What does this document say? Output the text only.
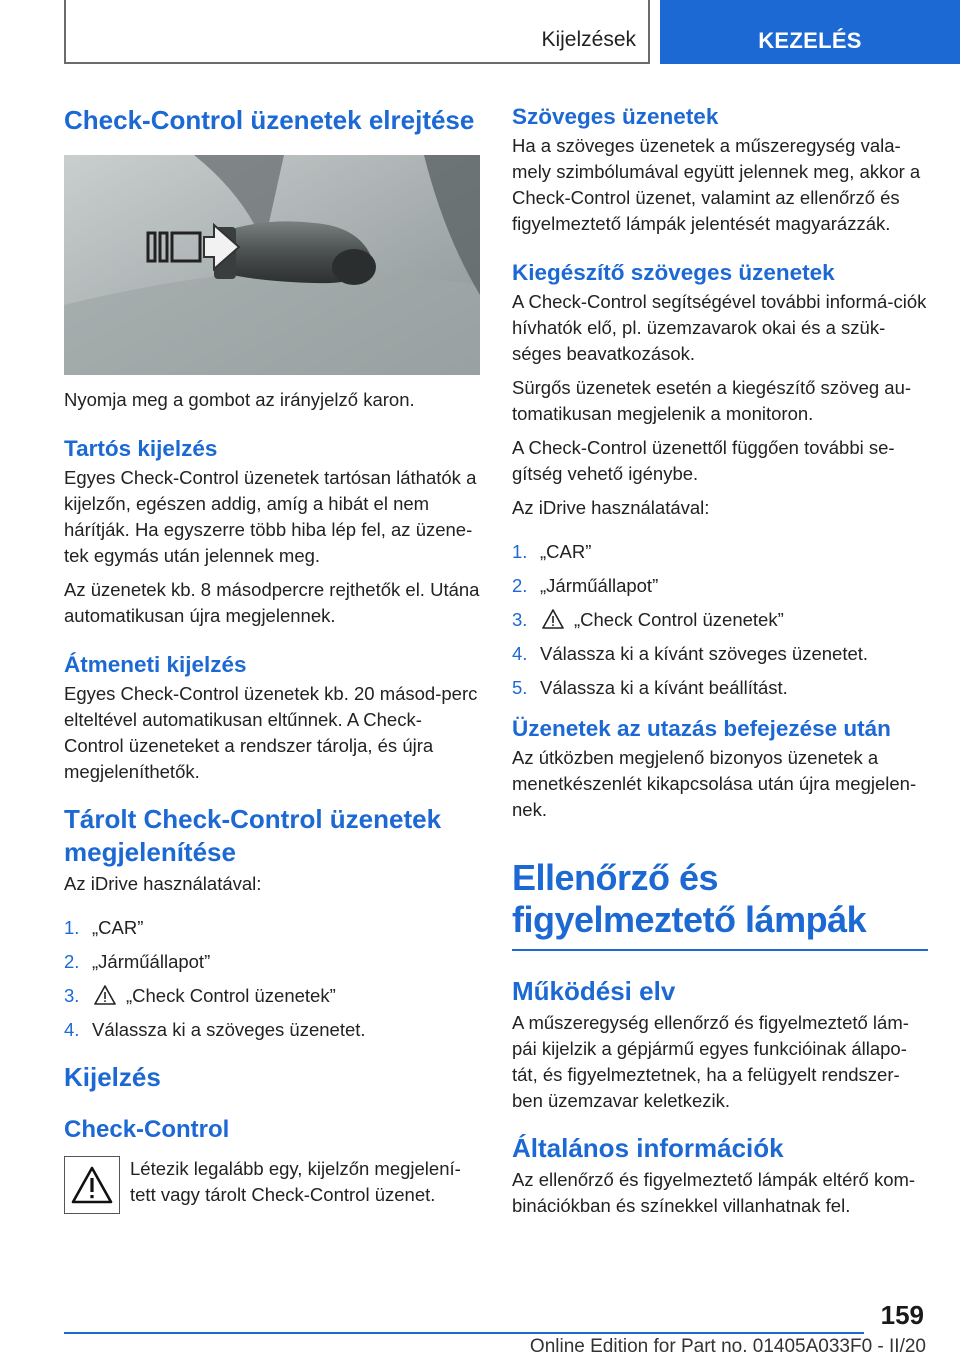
Kijelzések	KEZELÉS
Check-Control üzenetek elrejtése

Nyomja meg a gombot az irányjelző karon.

Tartós kijelzés

Egyes Check-Control üzenetek tartósan láthatók a kijelzőn, egészen addig, amíg a hibát el nem hárítják. Ha egyszerre több hiba lép fel, az üzene-tek egymás után jelennek meg.

Az üzenetek kb. 8 másodpercre rejthetők el. Utána automatikusan újra megjelennek.

Átmeneti kijelzés

Egyes Check-Control üzenetek kb. 20 másod-perc elteltével automatikusan eltűnnek. A Check-Control üzeneteket a rendszer tárolja, és újra megjeleníthetők.

Tárolt Check-Control üzenetek megjelenítése

Az iDrive használatával:

1. „CAR”
2. „Járműállapot”
3.	„Check Control üzenetek”
4. Válassza ki a szöveges üzenetet.
Kijelzés
Check-Control

Létezik legalább egy, kijelzőn megjelení-tett vagy tárolt Check-Control üzenet.

Szöveges üzenetek

Ha a szöveges üzenetek a műszeregység vala-mely szimbólumával együtt jelennek meg, akkor a Check-Control üzenet, valamint az ellenőrző és figyelmeztető lámpák jelentését magyarázzák.

Kiegészítő szöveges üzenetek

A Check-Control segítségével további informá-ciók hívhatók elő, pl. üzemzavarok okai és a szük-séges beavatkozások.

Sürgős üzenetek esetén a kiegészítő szöveg au-tomatikusan megjelenik a monitoron.

A Check-Control üzenettől függően további se-gítség vehető igénybe.

Az iDrive használatával:

1. „CAR”
2. „Járműállapot”
3.	„Check Control üzenetek”
4. Válassza ki a kívánt szöveges üzenetet.
5. Válassza ki a kívánt beállítást.
Üzenetek az utazás befejezése után

Az útközben megjelenő bizonyos üzenetek a menetkészenlét kikapcsolása után újra megjelen-nek.

Ellenőrző és figyelmeztető lámpák
Működési elv

A műszeregység ellenőrző és figyelmeztető lám-pái kijelzik a gépjármű egyes funkcióinak állapo-tát, és figyelmeztetnek, ha a felügyelt rendszer-ben üzemzavar keletkezik.

Általános információk

Az ellenőrző és figyelmeztető lámpák eltérő kom-binációkban és színekkel villanhatnak fel.

159
Online Edition for Part no. 01405A033F0 - II/20
